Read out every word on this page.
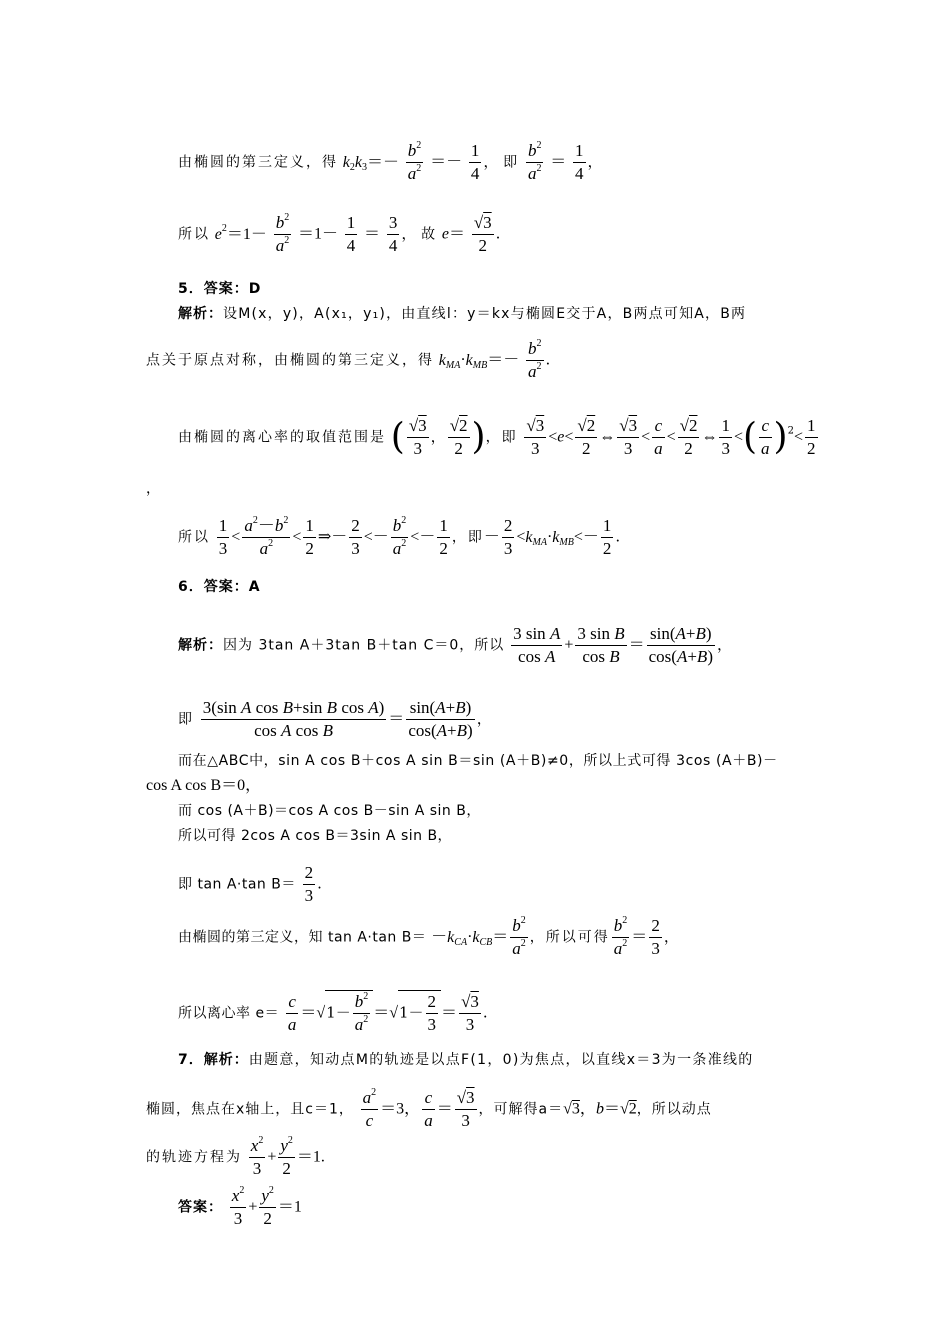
由椭圆的第三定义，得 $k_2k_3=- \frac{b^2}{a^2} =- \frac{1}{4}$ ， 即 $\frac{b^2}{a^2} = \frac{1}{4}$ ，
所以 $e^2=1- \frac{b^2}{a^2} =1- \frac{1}{4} = \frac{3}{4}$ ， 故 $e= \frac{√3}{2}$ .
5．答案：D
解析：设M(x，y)，A(x₁，y₁)，由直线l：y＝kx与椭圆E交于A，B两点可知A，B两
点关于原点对称，由椭圆的第三定义，得 $k_{MA}\cdot k_{MB}=- \frac{b^2}{a^2}$ .
由椭圆的离心率的取值范围是 ( $\frac{√3}{3}$ ， $\frac{√2}{2}$ )，即 $\frac{√3}{3} <e< \frac{√2}{2}$ ⇔ $\frac{√3}{3} < \frac{c}{a} < \frac{√2}{2}$ ⇔ $\frac{1}{3}$ <( $\frac{c}{a} )^2< \frac{1}{2}$
，
所以 $\frac{1}{3} < \frac{a^2-b^2}{a^2} < \frac{1}{2}$ ⇒－ $\frac{2}{3} <- \frac{b^2}{a^2} <- \frac{1}{2}$ ，即－ $\frac{2}{3} <k_{MA}\cdot k_{MB}<- \frac{1}{2}$ .
6．答案：A
解析：因为 3tan A＋3tan B＋tan C＝0，所以 $\frac{\text{3 sin A}}{\text{cos A}} + \frac{\text{3 sin B}}{\text{cos B}} = \frac{\sin(A+B)}{\cos(A+B)}$ ，
即 $\frac{\text{3(sin A cos B+sin B cos A)}}{\text{cos A cos B}} = \frac{\sin(A+B)}{\cos(A+B)}$ ，
而在△ABC中，sin A cos B＋cos A sin B＝sin (A＋B)≠0，所以上式可得 3cos (A＋B)－
cos A cos B＝0，
而 cos (A＋B)＝cos A cos B－sin A sin B，
所以可得 2cos A cos B＝3sin A sin B，
即 tan A·tan $B= \frac{2}{3}$ .
由椭圆的第三定义，知 tan A·tan $B= -k_{CA}\cdot k_{CB}= \frac{b^2}{a^2}$ ，所以可得 $\frac{b^2}{a^2} = \frac{2}{3}$ ，
所以离心率 $e= \frac{c}{a} =√1- \frac{b^2}{a^2} =√1- \frac{2}{3} = \frac{√3}{3}$ .
7．解析：由题意，知动点M的轨迹是以点F(1，0)为焦点，以直线x＝3为一条准线的
椭圆，焦点在x轴上，且c＝1， $\frac{a^2}{c} =3$， $\frac{c}{a} = \frac{√3}{3}$ ，可解得a＝√3，b＝√2，所以动点
的轨迹方程为 $\frac{x^2}{3} + \frac{y^2}{2} =1$.
答案： $\frac{x^2}{3} + \frac{y^2}{2} =1$
